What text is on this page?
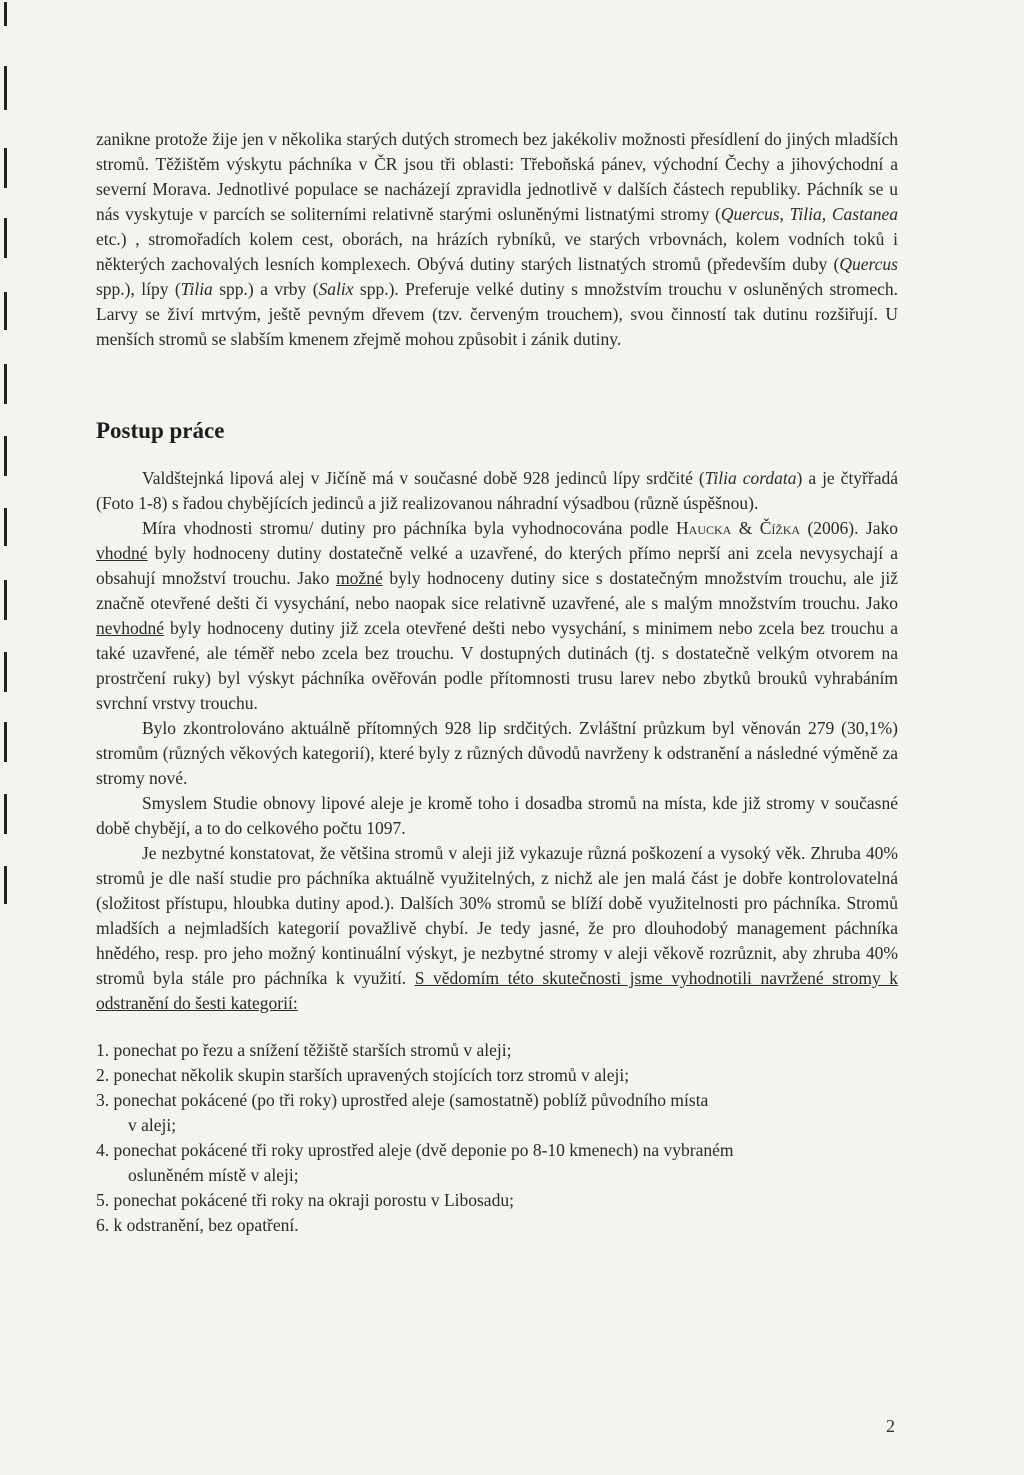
zanikne protože žije jen v několika starých dutých stromech bez jakékoliv možnosti přesídlení do jiných mladších stromů. Těžištěm výskytu páchníka v ČR jsou tři oblasti: Třeboňská pánev, východní Čechy a jihovýchodní a severní Morava. Jednotlivé populace se nacházejí zpravidla jednotlivě v dalších částech republiky. Páchník se u nás vyskytuje v parcích se soliterními relativně starými osluněnými listnatými stromy (Quercus, Tilia, Castanea etc.) , stromořadích kolem cest, oborách, na hrázích rybníků, ve starých vrbovnách, kolem vodních toků i některých zachovalých lesních komplexech. Obývá dutiny starých listnatých stromů (především duby (Quercus spp.), lípy (Tilia spp.) a vrby (Salix spp.). Preferuje velké dutiny s množstvím trouchu v osluněných stromech. Larvy se živí mrtvým, ještě pevným dřevem (tzv. červeným trouchem), svou činností tak dutinu rozšiřují. U menších stromů se slabším kmenem zřejmě mohou způsobit i zánik dutiny.

Postup práce

Valdštejnká lipová alej v Jičíně má v současné době 928 jedinců lípy srdčité (Tilia cordata) a je čtyřřadá (Foto 1-8) s řadou chybějících jedinců a již realizovanou náhradní výsadbou (různě úspěšnou).

Míra vhodnosti stromu/ dutiny pro páchníka byla vyhodnocována podle Haucka & Čížka (2006). Jako vhodné byly hodnoceny dutiny dostatečně velké a uzavřené, do kterých přímo neprší ani zcela nevysychají a obsahují množství trouchu. Jako možné byly hodnoceny dutiny sice s dostatečným množstvím trouchu, ale již značně otevřené dešti či vysychání, nebo naopak sice relativně uzavřené, ale s malým množstvím trouchu. Jako nevhodné byly hodnoceny dutiny již zcela otevřené dešti nebo vysychání, s minimem nebo zcela bez trouchu a také uzavřené, ale téměř nebo zcela bez trouchu. V dostupných dutinách (tj. s dostatečně velkým otvorem na prostrčení ruky) byl výskyt páchníka ověřován podle přítomnosti trusu larev nebo zbytků brouků vyhrabáním svrchní vrstvy trouchu.

Bylo zkontrolováno aktuálně přítomných 928 lip srdčitých. Zvláštní průzkum byl věnován 279 (30,1%) stromům (různých věkových kategorií), které byly z různých důvodů navrženy k odstranění a následné výměně za stromy nové.

Smyslem Studie obnovy lipové aleje je kromě toho i dosadba stromů na místa, kde již stromy v současné době chybějí, a to do celkového počtu 1097.

Je nezbytné konstatovat, že většina stromů v aleji již vykazuje různá poškození a vysoký věk. Zhruba 40% stromů je dle naší studie pro páchníka aktuálně využitelných, z nichž ale jen malá část je dobře kontrolovatelná (složitost přístupu, hloubka dutiny apod.). Dalších 30% stromů se blíží době využitelnosti pro páchníka. Stromů mladších a nejmladších kategorií považlivě chybí. Je tedy jasné, že pro dlouhodobý management páchníka hnědého, resp. pro jeho možný kontinuální výskyt, je nezbytné stromy v aleji věkově rozrůznit, aby zhruba 40% stromů byla stále pro páchníka k využití. S vědomím této skutečnosti jsme vyhodnotili navržené stromy k odstranění do šesti kategorií:

1. ponechat po řezu a snížení těžiště starších stromů v aleji;
2. ponechat několik skupin starších upravených stojících torz stromů v aleji;
3. ponechat pokácené (po tři roky) uprostřed aleje (samostatně) poblíž původního místa
v aleji;
4. ponechat pokácené tři roky uprostřed aleje (dvě deponie po 8-10 kmenech) na vybraném
osluněném místě v aleji;
5. ponechat pokácené tři roky na okraji porostu v Libosadu;
6. k odstranění, bez opatření.
2
